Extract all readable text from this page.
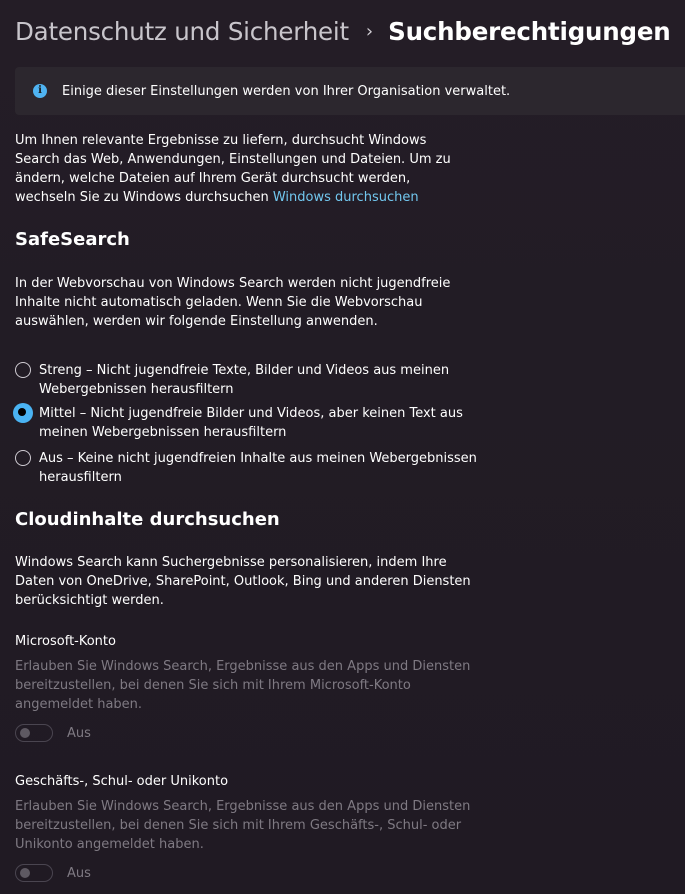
Datenschutz und Sicherheit › Suchberechtigungen
i	Einige dieser Einstellungen werden von Ihrer Organisation verwaltet.
Um Ihnen relevante Ergebnisse zu liefern, durchsucht Windows Search das Web, Anwendungen, Einstellungen und Dateien. Um zu ändern, welche Dateien auf Ihrem Gerät durchsucht werden, wechseln Sie zu Windows durchsuchen Windows durchsuchen
SafeSearch
In der Webvorschau von Windows Search werden nicht jugendfreie Inhalte nicht automatisch geladen. Wenn Sie die Webvorschau auswählen, werden wir folgende Einstellung anwenden.
Streng – Nicht jugendfreie Texte, Bilder und Videos aus meinen Webergebnissen herausfiltern
Mittel – Nicht jugendfreie Bilder und Videos, aber keinen Text aus meinen Webergebnissen herausfiltern
Aus – Keine nicht jugendfreien Inhalte aus meinen Webergebnissen herausfiltern
Cloudinhalte durchsuchen
Windows Search kann Suchergebnisse personalisieren, indem Ihre Daten von OneDrive, SharePoint, Outlook, Bing und anderen Diensten berücksichtigt werden.
Microsoft-Konto
Erlauben Sie Windows Search, Ergebnisse aus den Apps und Diensten bereitzustellen, bei denen Sie sich mit Ihrem Microsoft-Konto angemeldet haben.
Aus
Geschäfts-, Schul- oder Unikonto
Erlauben Sie Windows Search, Ergebnisse aus den Apps und Diensten bereitzustellen, bei denen Sie sich mit Ihrem Geschäfts-, Schul- oder Unikonto angemeldet haben.
Aus
